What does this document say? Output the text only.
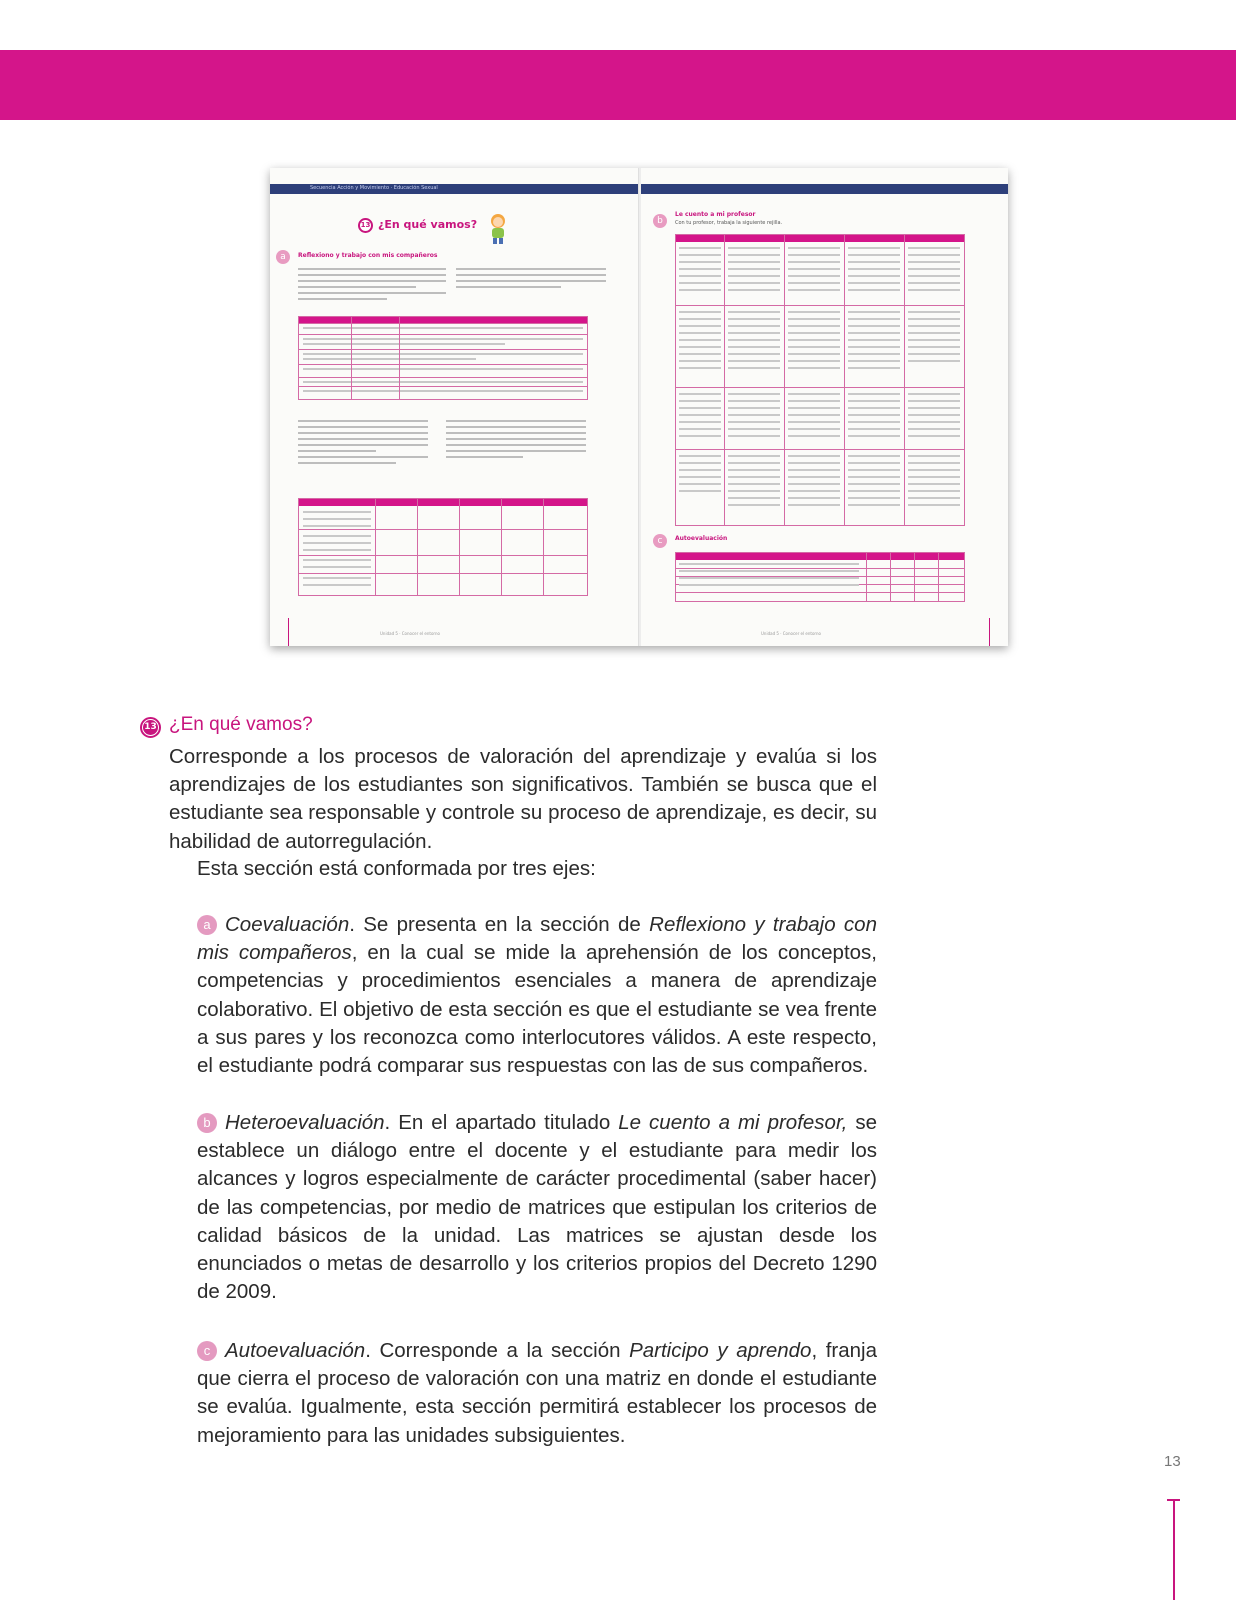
Secuencia Acción y Movimiento · Educación Sexual
13 ¿En qué vamos?
a	Reflexiono y trabajo con mis compañeros
Unidad 5 · Conocer el entorno
b
Le cuento a mi profesor
Con tu profesor, trabaja la siguiente rejilla.
c	Autoevaluación
Unidad 5 · Conocer el entorno
13 ¿En qué vamos?

Corresponde a los procesos de valoración del aprendizaje y evalúa si los aprendizajes de los estudiantes son significativos. También se busca que el estudiante sea responsable y controle su proceso de aprendizaje, es decir, su habilidad de autorregulación.

Esta sección está conformada por tres ejes:

a Coevaluación. Se presenta en la sección de Reflexiono y trabajo con mis compañeros, en la cual se mide la aprehensión de los conceptos, competencias y procedimientos esenciales a manera de aprendizaje colaborativo. El objetivo de esta sección es que el estudiante se vea frente a sus pares y los reconozca como interlocutores válidos. A este respecto, el estudiante podrá comparar sus respuestas con las de sus compañeros.

b Heteroevaluación. En el apartado titulado Le cuento a mi profesor, se establece un diálogo entre el docente y el estudiante para medir los alcances y logros especialmente de carácter procedimental (saber hacer) de las competencias, por medio de matrices que estipulan los criterios de calidad básicos de la unidad. Las matrices se ajustan desde los enunciados o metas de desarrollo y los criterios propios del Decreto 1290 de 2009.

c Autoevaluación. Corresponde a la sección Participo y aprendo, franja que cierra el proceso de valoración con una matriz en donde el estudiante se evalúa. Igualmente, esta sección permitirá establecer los procesos de mejoramiento para las unidades subsiguientes.

13
